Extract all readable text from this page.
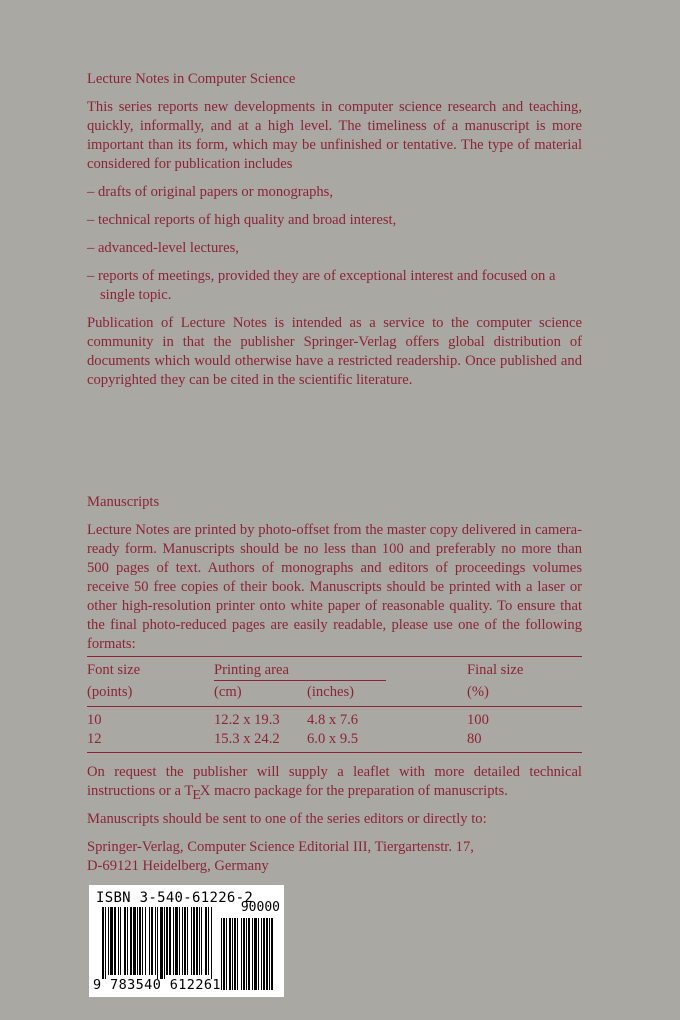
Lecture Notes in Computer Science

This series reports new developments in computer science research and teaching, quickly, informally, and at a high level. The timeliness of a manuscript is more important than its form, which may be unfinished or tentative. The type of material considered for publication includes

– drafts of original papers or monographs,

– technical reports of high quality and broad interest,

– advanced-level lectures,

– reports of meetings, provided they are of exceptional interest and focused on a single topic.

Publication of Lecture Notes is intended as a service to the computer science community in that the publisher Springer-Verlag offers global distribution of documents which would otherwise have a restricted readership. Once published and copyrighted they can be cited in the scientific literature.

Manuscripts

Lecture Notes are printed by photo-offset from the master copy delivered in camera-ready form. Manuscripts should be no less than 100 and preferably no more than 500 pages of text. Authors of monographs and editors of proceedings volumes receive 50 free copies of their book. Manuscripts should be printed with a laser or other high-resolution printer onto white paper of reasonable quality. To ensure that the final photo-reduced pages are easily readable, please use one of the following formats:

Font size	Printing area		Final size
(points)	(cm)	(inches)	(%)
10	12.2 x 19.3	4.8 x 7.6	100
12	15.3 x 24.2	6.0 x 9.5	80

On request the publisher will supply a leaflet with more detailed technical instructions or a TEX macro package for the preparation of manuscripts.

Manuscripts should be sent to one of the series editors or directly to:

Springer-Verlag, Computer Science Editorial III, Tiergartenstr. 17,

D-69121 Heidelberg, Germany

ISBN 3-540-61226-2
90000
9 783540 612261
